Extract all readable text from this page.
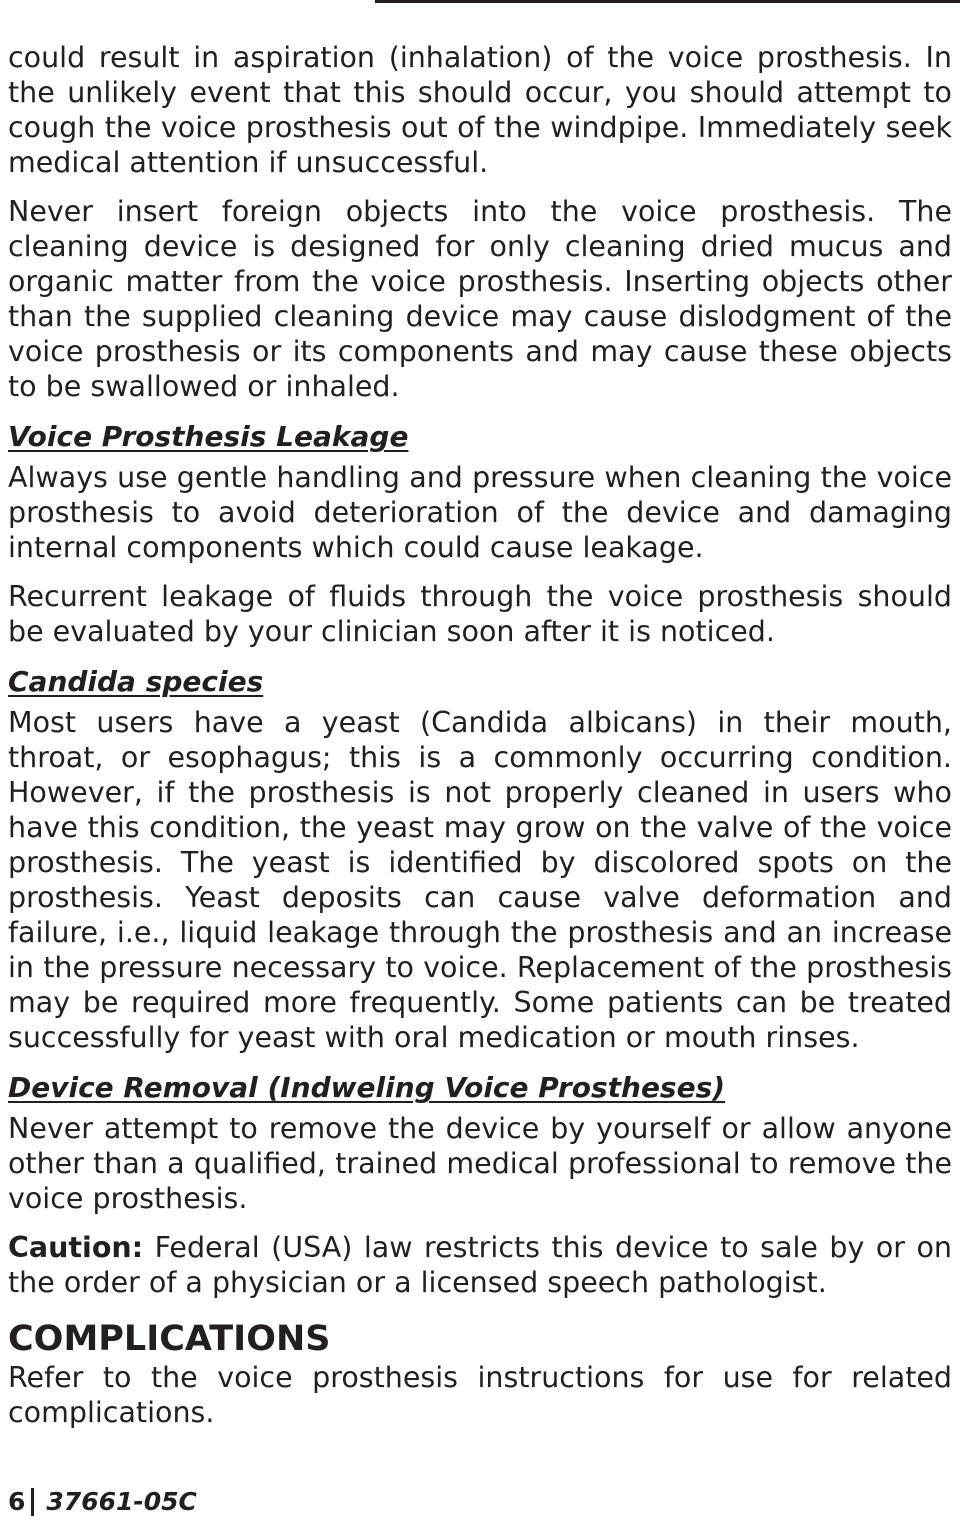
could result in aspiration (inhalation) of the voice prosthesis. In the unlikely event that this should occur, you should attempt to cough the voice prosthesis out of the windpipe. Immediately seek medical attention if unsuccessful.

Never insert foreign objects into the voice prosthesis. The cleaning device is designed for only cleaning dried mucus and organic matter from the voice prosthesis. Inserting objects other than the supplied cleaning device may cause dislodgment of the voice prosthesis or its components and may cause these objects to be swallowed or inhaled.

Voice Prosthesis Leakage

Always use gentle handling and pressure when cleaning the voice prosthesis to avoid deterioration of the device and damaging internal components which could cause leakage.

Recurrent leakage of fluids through the voice prosthesis should be evaluated by your clinician soon after it is noticed.

Candida species

Most users have a yeast (Candida albicans) in their mouth, throat, or esophagus; this is a commonly occurring condition. However, if the prosthesis is not properly cleaned in users who have this condition, the yeast may grow on the valve of the voice prosthesis. The yeast is identified by discolored spots on the prosthesis. Yeast deposits can cause valve deformation and failure, i.e., liquid leakage through the prosthesis and an increase in the pressure necessary to voice. Replacement of the prosthesis may be required more frequently. Some patients can be treated successfully for yeast with oral medication or mouth rinses.

Device Removal (Indweling Voice Prostheses)

Never attempt to remove the device by yourself or allow anyone other than a qualified, trained medical professional to remove the voice prosthesis.

Caution: Federal (USA) law restricts this device to sale by or on the order of a physician or a licensed speech pathologist.

COMPLICATIONS

Refer to the voice prosthesis instructions for use for related complications.

6 37661-05C
